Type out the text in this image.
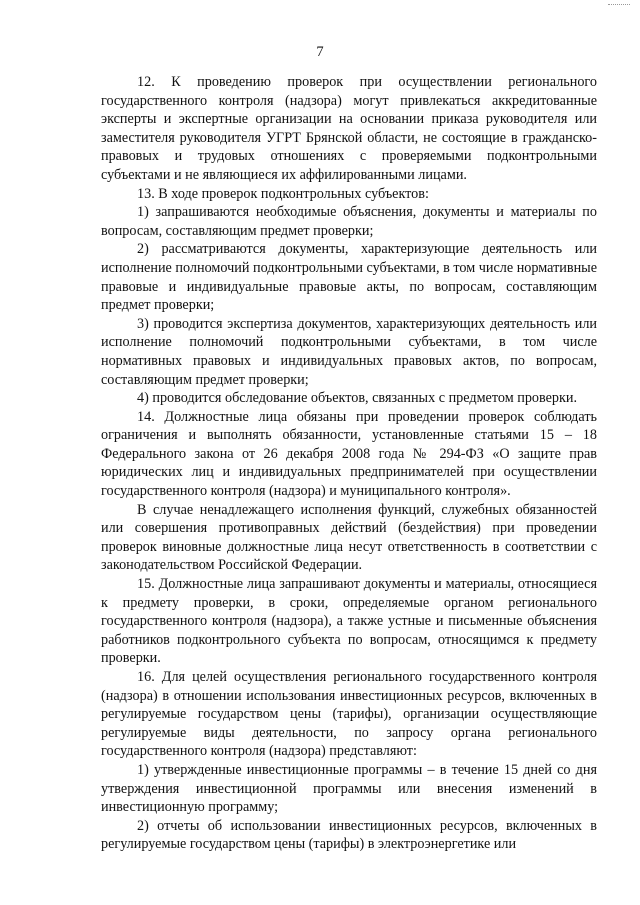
7

12. К проведению проверок при осуществлении регионального государственного контроля (надзора) могут привлекаться аккредитованные эксперты и экспертные организации на основании приказа руководителя или заместителя руководителя УГРТ Брянской области, не состоящие в гражданско-правовых и трудовых отношениях с проверяемыми подконтрольными субъектами и не являющиеся их аффилированными лицами.

13. В ходе проверок подконтрольных субъектов:

1) запрашиваются необходимые объяснения, документы и материалы по вопросам, составляющим предмет проверки;

2) рассматриваются документы, характеризующие деятельность или исполнение полномочий подконтрольными субъектами, в том числе нормативные правовые и индивидуальные правовые акты, по вопросам, составляющим предмет проверки;

3) проводится экспертиза документов, характеризующих деятельность или исполнение полномочий подконтрольными субъектами, в том числе нормативных правовых и индивидуальных правовых актов, по вопросам, составляющим предмет проверки;

4) проводится обследование объектов, связанных с предметом проверки.

14. Должностные лица обязаны при проведении проверок соблюдать ограничения и выполнять обязанности, установленные статьями 15 – 18 Федерального закона от 26 декабря 2008 года № 294-ФЗ «О защите прав юридических лиц и индивидуальных предпринимателей при осуществлении государственного контроля (надзора) и муниципального контроля».

В случае ненадлежащего исполнения функций, служебных обязанностей или совершения противоправных действий (бездействия) при проведении проверок виновные должностные лица несут ответственность в соответствии с законодательством Российской Федерации.

15. Должностные лица запрашивают документы и материалы, относящиеся к предмету проверки, в сроки, определяемые органом регионального государственного контроля (надзора), а также устные и письменные объяснения работников подконтрольного субъекта по вопросам, относящимся к предмету проверки.

16. Для целей осуществления регионального государственного контроля (надзора) в отношении использования инвестиционных ресурсов, включенных в регулируемые государством цены (тарифы), организации осуществляющие регулируемые виды деятельности, по запросу органа регионального государственного контроля (надзора) представляют:

1) утвержденные инвестиционные программы – в течение 15 дней со дня утверждения инвестиционной программы или внесения изменений в инвестиционную программу;

2) отчеты об использовании инвестиционных ресурсов, включенных в регулируемые государством цены (тарифы) в электроэнергетике или
